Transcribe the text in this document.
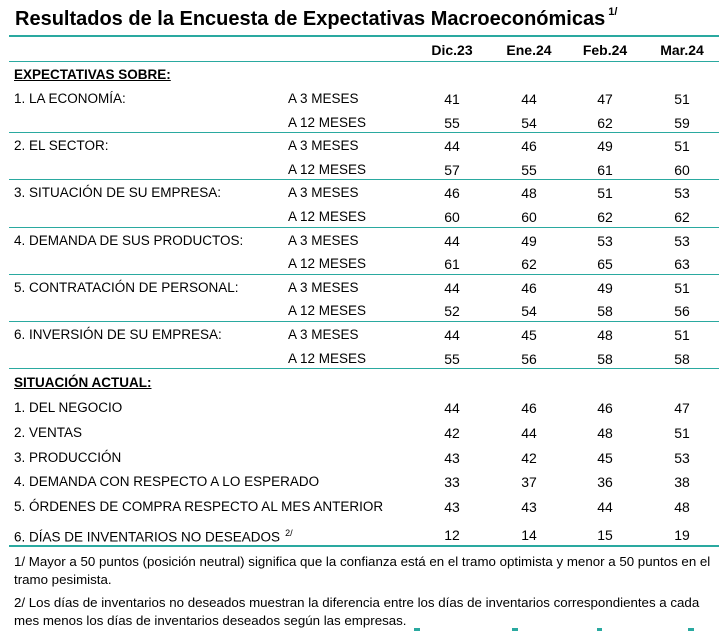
Resultados de la Encuesta de Expectativas Macroeconómicas $^{1/}$
Dic.23	Ene.24	Feb.24	Mar.24
EXPECTATIVAS SOBRE:
1. LA ECONOMÍA:	A 3 MESES	41	44	47	51
A 12 MESES	55	54	62	59
2. EL SECTOR:	A 3 MESES	44	46	49	51
A 12 MESES	57	55	61	60
3. SITUACIÓN DE SU EMPRESA:	A 3 MESES	46	48	51	53
A 12 MESES	60	60	62	62
4. DEMANDA DE SUS PRODUCTOS:	A 3 MESES	44	49	53	53
A 12 MESES	61	62	65	63
5. CONTRATACIÓN DE PERSONAL:	A 3 MESES	44	46	49	51
A 12 MESES	52	54	58	56
6. INVERSIÓN DE SU EMPRESA:	A 3 MESES	44	45	48	51
A 12 MESES	55	56	58	58
SITUACIÓN ACTUAL:
1. DEL NEGOCIO	44	46	46	47
2. VENTAS	42	44	48	51
3. PRODUCCIÓN	43	42	45	53
4. DEMANDA CON RESPECTO A LO ESPERADO	33	37	36	38
5. ÓRDENES DE COMPRA RESPECTO AL MES ANTERIOR	43	43	44	48
6. DÍAS DE INVENTARIOS NO DESEADOS $^{2/}$	12	14	15	19
1/ Mayor a 50 puntos (posición neutral) significa que la confianza está en el tramo optimista y menor a 50 puntos en el tramo pesimista.
2/ Los días de inventarios no deseados muestran la diferencia entre los días de inventarios correspondientes a cada mes menos los días de inventarios deseados según las empresas.
